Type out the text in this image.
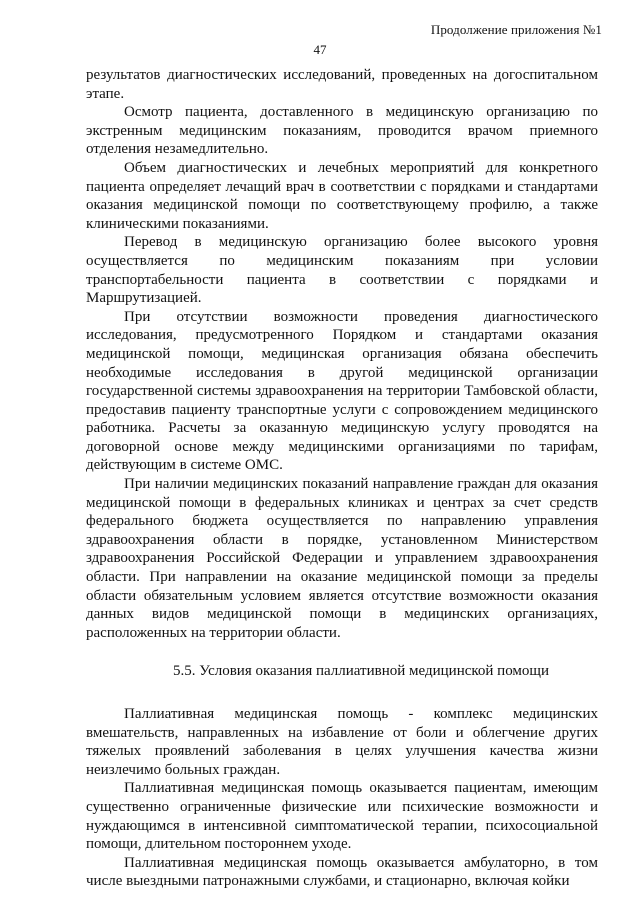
Продолжение приложения №1
47

результатов диагностических исследований, проведенных на догоспитальном этапе.

Осмотр пациента, доставленного в медицинскую организацию по экстренным медицинским показаниям, проводится врачом приемного отделения незамедлительно.

Объем диагностических и лечебных мероприятий для конкретного пациента определяет лечащий врач в соответствии с порядками и стандартами оказания медицинской помощи по соответствующему профилю, а также клиническими показаниями.

Перевод в медицинскую организацию более высокого уровня осуществляется по медицинским показаниям при условии транспортабельности пациента в соответствии с порядками и Маршрутизацией.

При отсутствии возможности проведения диагностического исследования, предусмотренного Порядком и стандартами оказания медицинской помощи, медицинская организация обязана обеспечить необходимые исследования в другой медицинской организации государственной системы здравоохранения на территории Тамбовской области, предоставив пациенту транспортные услуги с сопровождением медицинского работника. Расчеты за оказанную медицинскую услугу проводятся на договорной основе между медицинскими организациями по тарифам, действующим в системе ОМС.

При наличии медицинских показаний направление граждан для оказания медицинской помощи в федеральных клиниках и центрах за счет средств федерального бюджета осуществляется по направлению управления здравоохранения области в порядке, установленном Министерством здравоохранения Российской Федерации и управлением здравоохранения области. При направлении на оказание медицинской помощи за пределы области обязательным условием является отсутствие возможности оказания данных видов медицинской помощи в медицинских организациях, расположенных на территории области.

5.5. Условия оказания паллиативной медицинской помощи

Паллиативная медицинская помощь - комплекс медицинских вмешательств, направленных на избавление от боли и облегчение других тяжелых проявлений заболевания в целях улучшения качества жизни неизлечимо больных граждан.

Паллиативная медицинская помощь оказывается пациентам, имеющим существенно ограниченные физические или психические возможности и нуждающимся в интенсивной симптоматической терапии, психосоциальной помощи, длительном постороннем уходе.

Паллиативная медицинская помощь оказывается амбулаторно, в том числе выездными патронажными службами, и стационарно, включая койки
